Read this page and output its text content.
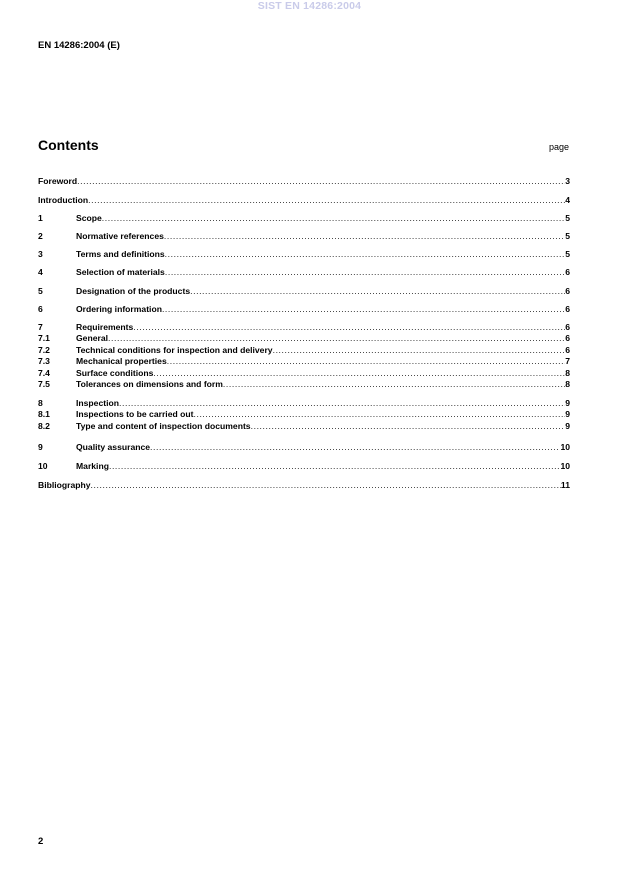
SIST EN 14286:2004
EN 14286:2004 (E)
Contents	page
Foreword .....	3
Introduction .....	4
1	Scope .....	5
2	Normative references .....	5
3	Terms and definitions .....	5
4	Selection of materials .....	6
5	Designation of the products .....	6
6	Ordering information .....	6
7	Requirements .....	6
7.1	General .....	6
7.2	Technical conditions for inspection and delivery .....	6
7.3	Mechanical properties .....	7
7.4	Surface conditions .....	8
7.5	Tolerances on dimensions and form .....	8
8	Inspection .....	9
8.1	Inspections to be carried out .....	9
8.2	Type and content of inspection documents .....	9
9	Quality assurance .....	10
10	Marking .....	10
Bibliography .....	11
2
